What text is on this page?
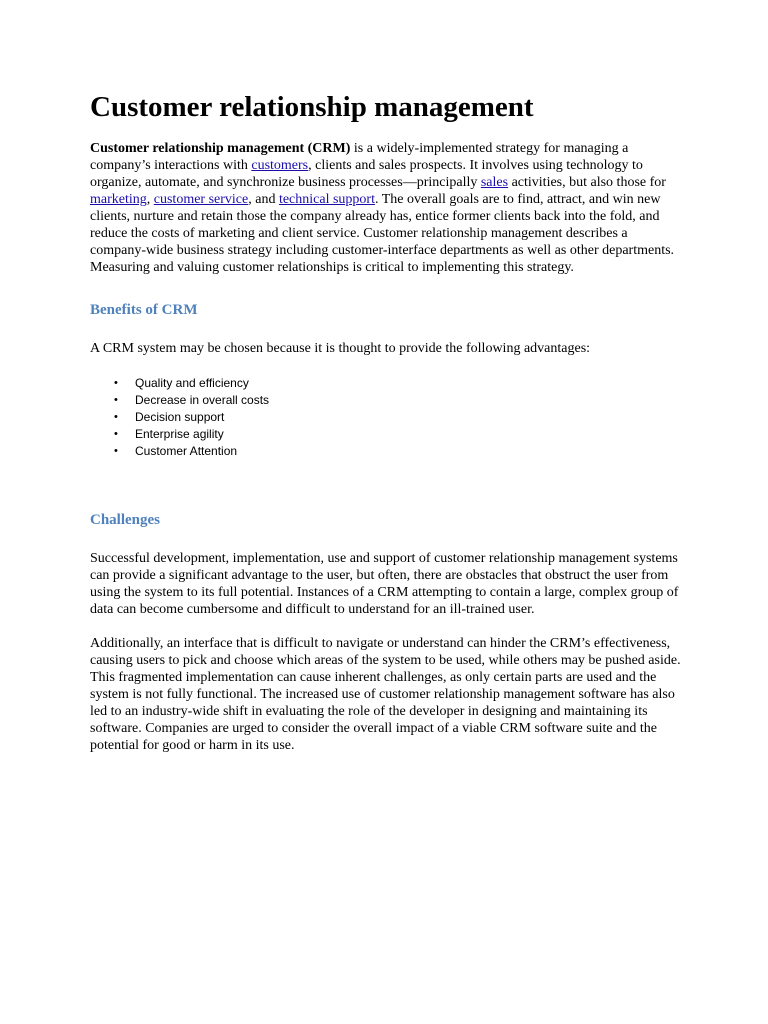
Customer relationship management

Customer relationship management (CRM) is a widely-implemented strategy for managing a company’s interactions with customers, clients and sales prospects. It involves using technology to organize, automate, and synchronize business processes—principally sales activities, but also those for marketing, customer service, and technical support. The overall goals are to find, attract, and win new clients, nurture and retain those the company already has, entice former clients back into the fold, and reduce the costs of marketing and client service. Customer relationship management describes a company-wide business strategy including customer-interface departments as well as other departments. Measuring and valuing customer relationships is critical to implementing this strategy.

Benefits of CRM

A CRM system may be chosen because it is thought to provide the following advantages:

• Quality and efficiency
• Decrease in overall costs
• Decision support
• Enterprise agility
• Customer Attention
Challenges

Successful development, implementation, use and support of customer relationship management systems can provide a significant advantage to the user, but often, there are obstacles that obstruct the user from using the system to its full potential. Instances of a CRM attempting to contain a large, complex group of data can become cumbersome and difficult to understand for an ill-trained user.

Additionally, an interface that is difficult to navigate or understand can hinder the CRM’s effectiveness, causing users to pick and choose which areas of the system to be used, while others may be pushed aside. This fragmented implementation can cause inherent challenges, as only certain parts are used and the system is not fully functional. The increased use of customer relationship management software has also led to an industry-wide shift in evaluating the role of the developer in designing and maintaining its software. Companies are urged to consider the overall impact of a viable CRM software suite and the potential for good or harm in its use.
